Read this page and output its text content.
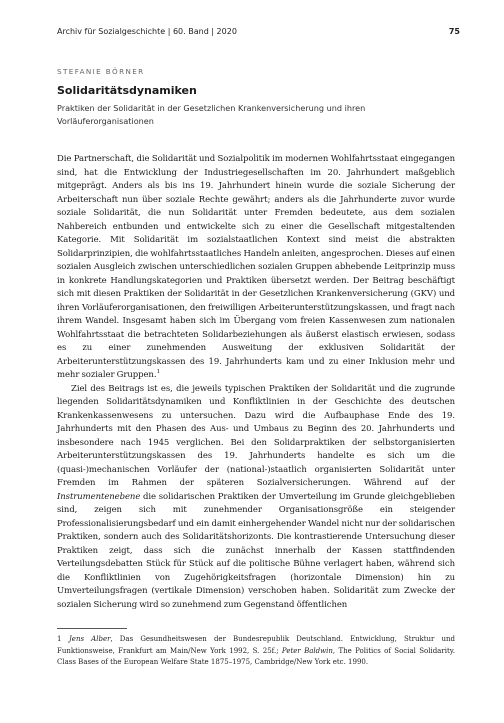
Archiv für Sozialgeschichte | 60. Band | 2020	75
STEFANIE BÖRNER
Solidaritätsdynamiken
Praktiken der Solidarität in der Gesetzlichen Krankenversicherung und ihren Vorläuferorganisationen

Die Partnerschaft, die Solidarität und Sozialpolitik im modernen Wohlfahrtsstaat eingegangen sind, hat die Entwicklung der Industriegesellschaften im 20. Jahrhundert maßgeblich mitgeprägt. Anders als bis ins 19. Jahrhundert hinein wurde die soziale Sicherung der Arbeiterschaft nun über soziale Rechte gewährt; anders als die Jahrhunderte zuvor wurde soziale Solidarität, die nun Solidarität unter Fremden bedeutete, aus dem sozialen Nahbereich entbunden und entwickelte sich zu einer die Gesellschaft mitgestaltenden Kategorie. Mit Solidarität im sozialstaatlichen Kontext sind meist die abstrakten Solidarprinzipien, die wohlfahrtsstaatliches Handeln anleiten, angesprochen. Dieses auf einen sozialen Ausgleich zwischen unterschiedlichen sozialen Gruppen abhebende Leitprinzip muss in konkrete Handlungskategorien und Praktiken übersetzt werden. Der Beitrag beschäftigt sich mit diesen Praktiken der Solidarität in der Gesetzlichen Krankenversicherung (GKV) und ihren Vorläuferorganisationen, den freiwilligen Arbeiterunterstützungskassen, und fragt nach ihrem Wandel. Insgesamt haben sich im Übergang vom freien Kassenwesen zum nationalen Wohlfahrtsstaat die betrachteten Solidarbeziehungen als äußerst elastisch erwiesen, sodass es zu einer zunehmenden Ausweitung der exklusiven Solidarität der Arbeiterunterstützungskassen des 19. Jahrhunderts kam und zu einer Inklusion mehr und mehr sozialer Gruppen.$^1$

Ziel des Beitrags ist es, die jeweils typischen Praktiken der Solidarität und die zugrunde liegenden Solidaritätsdynamiken und Konfliktlinien in der Geschichte des deutschen Krankenkassenwesens zu untersuchen. Dazu wird die Aufbauphase Ende des 19. Jahrhunderts mit den Phasen des Aus- und Umbaus zu Beginn des 20. Jahrhunderts und insbesondere nach 1945 verglichen. Bei den Solidarpraktiken der selbstorganisierten Arbeiterunterstützungskassen des 19. Jahrhunderts handelte es sich um die (quasi-)mechanischen Vorläufer der (national-)staatlich organisierten Solidarität unter Fremden im Rahmen der späteren Sozialversicherungen. Während auf der Instrumentenebene die solidarischen Praktiken der Umverteilung im Grunde gleichgeblieben sind, zeigen sich mit zunehmender Organisationsgröße ein steigender Professionalisierungsbedarf und ein damit einhergehender Wandel nicht nur der solidarischen Praktiken, sondern auch des Solidaritätshorizonts. Die kontrastierende Untersuchung dieser Praktiken zeigt, dass sich die zunächst innerhalb der Kassen stattfindenden Verteilungsdebatten Stück für Stück auf die politische Bühne verlagert haben, während sich die Konfliktlinien von Zugehörigkeitsfragen (horizontale Dimension) hin zu Umverteilungsfragen (vertikale Dimension) verschoben haben. Solidarität zum Zwecke der sozialen Sicherung wird so zunehmend zum Gegenstand öffentlichen

1 Jens Alber, Das Gesundheitswesen der Bundesrepublik Deutschland. Entwicklung, Struktur und Funktionsweise, Frankfurt am Main/New York 1992, S. 25f.; Peter Baldwin, The Politics of Social Solidarity. Class Bases of the European Welfare State 1875–1975, Cambridge/New York etc. 1990.
